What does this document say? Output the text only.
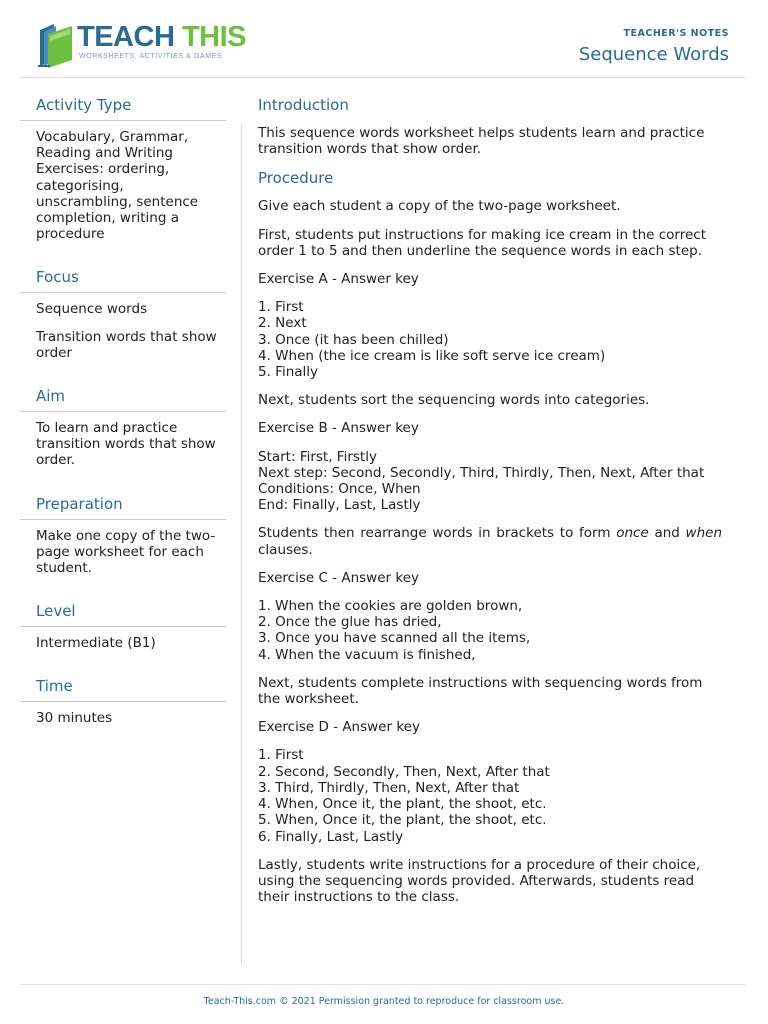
TEACH THIS
WORKSHEETS, ACTIVITIES & GAMES
TEACHER'S NOTES
Sequence Words
Activity Type
Vocabulary, Grammar, Reading and Writing Exercises: ordering, categorising, unscrambling, sentence completion, writing a procedure
Focus
Sequence words
Transition words that show order
Aim
To learn and practice transition words that show order.
Preparation
Make one copy of the two-page worksheet for each student.
Level
Intermediate (B1)
Time
30 minutes
Introduction

This sequence words worksheet helps students learn and practice transition words that show order.

Procedure

Give each student a copy of the two-page worksheet.

First, students put instructions for making ice cream in the correct order 1 to 5 and then underline the sequence words in each step.

Exercise A - Answer key

1. First
2. Next
3. Once (it has been chilled)
4. When (the ice cream is like soft serve ice cream)
5. Finally

Next, students sort the sequencing words into categories.

Exercise B - Answer key

Start: First, Firstly
Next step: Second, Secondly, Third, Thirdly, Then, Next, After that
Conditions: Once, When
End: Finally, Last, Lastly

Students then rearrange words in brackets to form once and when clauses.

Exercise C - Answer key

1. When the cookies are golden brown,
2. Once the glue has dried,
3. Once you have scanned all the items,
4. When the vacuum is finished,

Next, students complete instructions with sequencing words from the worksheet.

Exercise D - Answer key

1. First
2. Second, Secondly, Then, Next, After that
3. Third, Thirdly, Then, Next, After that
4. When, Once it, the plant, the shoot, etc.
5. When, Once it, the plant, the shoot, etc.
6. Finally, Last, Lastly

Lastly, students write instructions for a procedure of their choice, using the sequencing words provided. Afterwards, students read their instructions to the class.

Teach-This.com © 2021 Permission granted to reproduce for classroom use.
